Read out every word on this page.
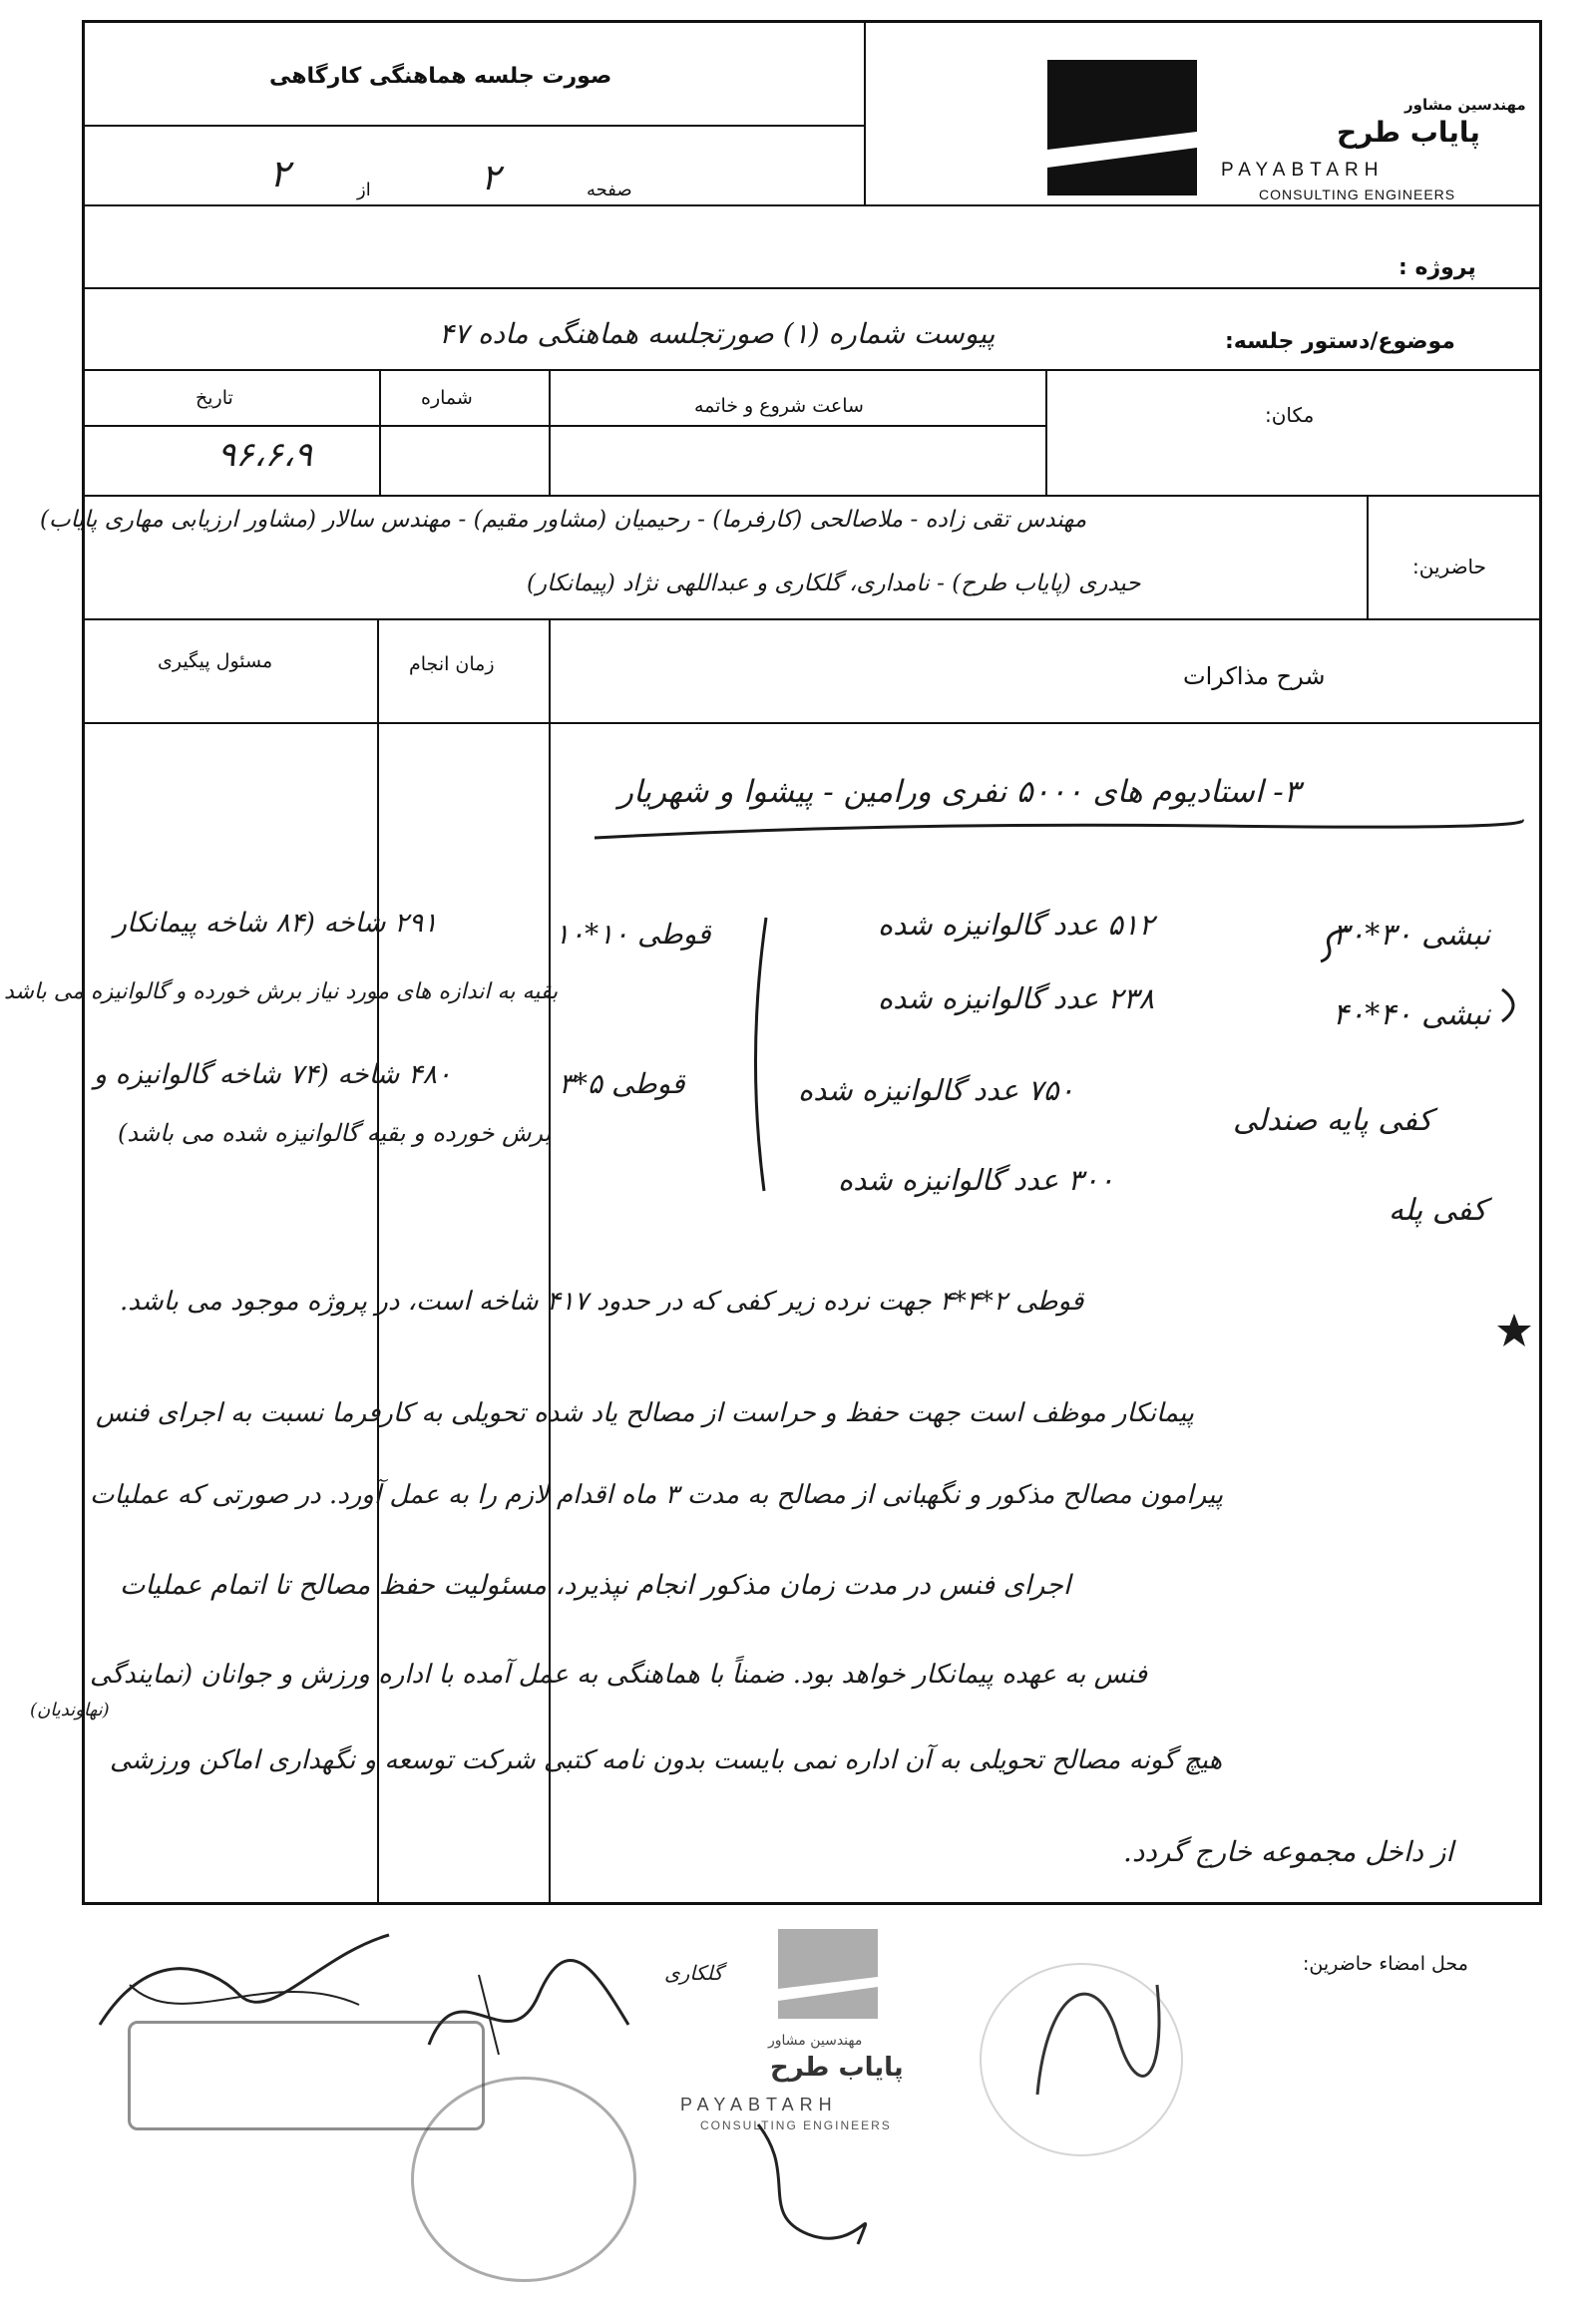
صورت جلسه هماهنگی کارگاهی
صفحه
۲
از
۲
مهندسین مشاور
پایاب طرح
PAYABTARH
CONSULTING ENGINEERS
پروژه :
موضوع/دستور جلسه:
پیوست شماره (۱) صورتجلسه هماهنگی ماده ۴۷
مکان:
ساعت شروع و خاتمه
شماره
تاریخ
۹۶،۶،۹
حاضرین:
مهندس تقی زاده - ملاصالحی (کارفرما) - رحیمیان (مشاور مقیم) - مهندس سالار (مشاور ارزیابی مهاری پایاب)
حیدری (پایاب طرح) - نامداری، گلکاری و عبداللهی نژاد (پیمانکار)
شرح مذاکرات
زمان انجام
مسئول پیگیری
۳- استادیوم های ۵۰۰۰ نفری ورامین - پیشوا و شهریار
نبشی ۳۰*۳۰
۵۱۲ عدد گالوانیزه شده
نبشی ۴۰*۴۰
۲۳۸ عدد گالوانیزه شده
کفی پایه صندلی
۷۵۰ عدد گالوانیزه شده
کفی پله
۳۰۰ عدد گالوانیزه شده
قوطی ۱۰*۱۰
۲۹۱ شاخه (۸۴ شاخه پیمانکار
بقیه به اندازه های مورد نیاز برش خورده و گالوانیزه می باشد
قوطی ۵*۳
۴۸۰ شاخه (۷۴ شاخه گالوانیزه و
برش خورده و بقیه گالوانیزه شده می باشد)
قوطی ۲*۴*۴ جهت نرده زیر کفی که در حدود ۴۱۷ شاخه است، در پروژه موجود می باشد.
پیمانکار موظف است جهت حفظ و حراست از مصالح یاد شده تحویلی به کارفرما نسبت به اجرای فنس
پیرامون مصالح مذکور و نگهبانی از مصالح به مدت ۳ ماه اقدام لازم را به عمل آورد. در صورتی که عملیات
اجرای فنس در مدت زمان مذکور انجام نپذیرد، مسئولیت حفظ مصالح تا اتمام عملیات
فنس به عهده پیمانکار خواهد بود. ضمناً با هماهنگی به عمل آمده با اداره ورزش و جوانان (نمایندگی
(نهاوندیان)
هیچ گونه مصالح تحویلی به آن اداره نمی بایست بدون نامه کتبی شرکت توسعه و نگهداری اماکن ورزشی
از داخل مجموعه خارج گردد.
محل امضاء حاضرین:
گلکاری
مهندسین مشاور
پایاب طرح
PAYABTARH
CONSULTING ENGINEERS
